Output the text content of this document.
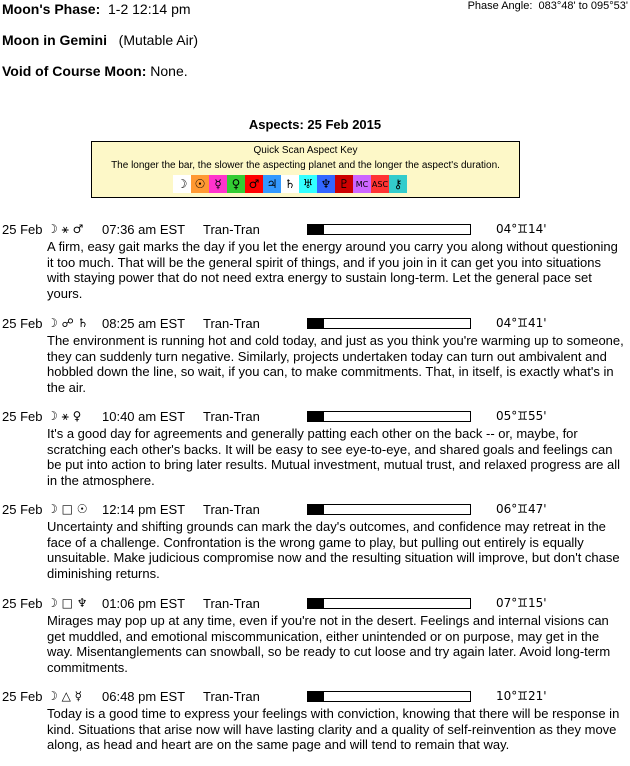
Moon's Phase: 1-2 12:14 pm	Phase Angle: 083°48' to 095°53'
Moon in Gemini (Mutable Air)
Void of Course Moon: None.
Aspects: 25 Feb 2015
Quick Scan Aspect Key
The longer the bar, the slower the aspecting planet and the longer the aspect's duration.
☽ ☉ ☿ ♀ ♂ ♃ ♄ ♅ ♆ ♇ MC ASC ⚷
25 Feb ☽ ⚹ ♂ 07:36 am EST Tran-Tran	04°♊14'
A firm, easy gait marks the day if you let the energy around you carry you along without questioning it too much. That will be the general spirit of things, and if you join in it can get you into situations with staying power that do not need extra energy to sustain long-term. Let the general pace set yours.
25 Feb ☽ ☍ ♄ 08:25 am EST Tran-Tran	04°♊41'
The environment is running hot and cold today, and just as you think you're warming up to someone, they can suddenly turn negative. Similarly, projects undertaken today can turn out ambivalent and hobbled down the line, so wait, if you can, to make commitments. That, in itself, is exactly what's in the air.
25 Feb ☽ ⚹ ♀ 10:40 am EST Tran-Tran	05°♊55'
It's a good day for agreements and generally patting each other on the back -- or, maybe, for scratching each other's backs. It will be easy to see eye-to-eye, and shared goals and feelings can be put into action to bring later results. Mutual investment, mutual trust, and relaxed progress are all in the atmosphere.
25 Feb ☽ □ ☉ 12:14 pm EST Tran-Tran	06°♊47'
Uncertainty and shifting grounds can mark the day's outcomes, and confidence may retreat in the face of a challenge. Confrontation is the wrong game to play, but pulling out entirely is equally unsuitable. Make judicious compromise now and the resulting situation will improve, but don't chase diminishing returns.
25 Feb ☽ □ ♆ 01:06 pm EST Tran-Tran	07°♊15'
Mirages may pop up at any time, even if you're not in the desert. Feelings and internal visions can get muddled, and emotional miscommunication, either unintended or on purpose, may get in the way. Misentanglements can snowball, so be ready to cut loose and try again later. Avoid long-term commitments.
25 Feb ☽ △ ☿ 06:48 pm EST Tran-Tran	10°♊21'
Today is a good time to express your feelings with conviction, knowing that there will be response in kind. Situations that arise now will have lasting clarity and a quality of self-reinvention as they move along, as head and heart are on the same page and will tend to remain that way.
